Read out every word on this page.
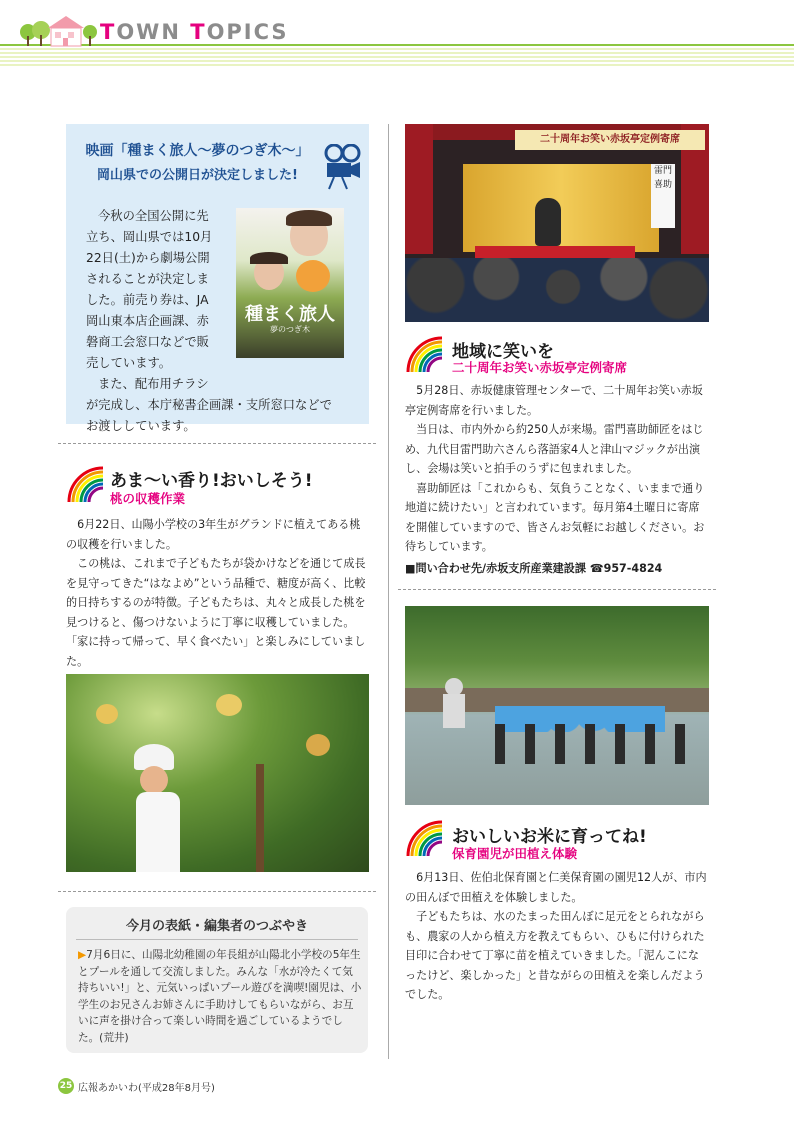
TOWN TOPICS
映画「種まく旅人～夢のつぎ木～」
岡山県での公開日が決定しました!
今秋の全国公開に先
立ち、岡山県では10月
22日(土)から劇場公開
されることが決定しま
した。前売り券は、JA
岡山東本店企画課、赤
磐商工会窓口などで販
売しています。
また、配布用チラシ
が完成し、本庁秘書企画課・支所窓口などで
お渡ししています。
種まく旅人
夢のつぎ木
あま～い香り!おいしそう!
桃の収穫作業

6月22日、山陽小学校の3年生がグランドに植えてある桃の収穫を行いました。

この桃は、これまで子どもたちが袋かけなどを通じて成長を見守ってきた“はなよめ”という品種で、糖度が高く、比較的日持ちするのが特徴。子どもたちは、丸々と成長した桃を見つけると、傷つけないように丁寧に収穫していました。「家に持って帰って、早く食べたい」と楽しみにしていました。

今月の表紙・編集者のつぶやき
▶7月6日に、山陽北幼稚園の年長組が山陽北小学校の5年生とプールを通して交流しました。みんな「水が冷たくて気持ちいい!」と、元気いっぱいプール遊びを満喫!園児は、小学生のお兄さんお姉さんに手助けしてもらいながら、お互いに声を掛け合って楽しい時間を過ごしているようでした。(荒井)
二十周年お笑い赤坂亭定例寄席
雷門喜助
地域に笑いを
二十周年お笑い赤坂亭定例寄席

5月28日、赤坂健康管理センターで、二十周年お笑い赤坂亭定例寄席を行いました。

当日は、市内外から約250人が来場。雷門喜助師匠をはじめ、九代目雷門助六さんら落語家4人と津山マジックが出演し、会場は笑いと拍手のうずに包まれました。

喜助師匠は「これからも、気負うことなく、いままで通り地道に続けたい」と言われています。毎月第4土曜日に寄席を開催していますので、皆さんお気軽にお越しください。お待ちしています。

■問い合わせ先/赤坂支所産業建設課 ☎957-4824
おいしいお米に育ってね!
保育園児が田植え体験

6月13日、佐伯北保育園と仁美保育園の園児12人が、市内の田んぼで田植えを体験しました。

子どもたちは、水のたまった田んぼに足元をとられながらも、農家の人から植え方を教えてもらい、ひもに付けられた目印に合わせて丁寧に苗を植えていきました。「泥んこになったけど、楽しかった」と昔ながらの田植えを楽しんだようでした。

25 広報あかいわ(平成28年8月号)
